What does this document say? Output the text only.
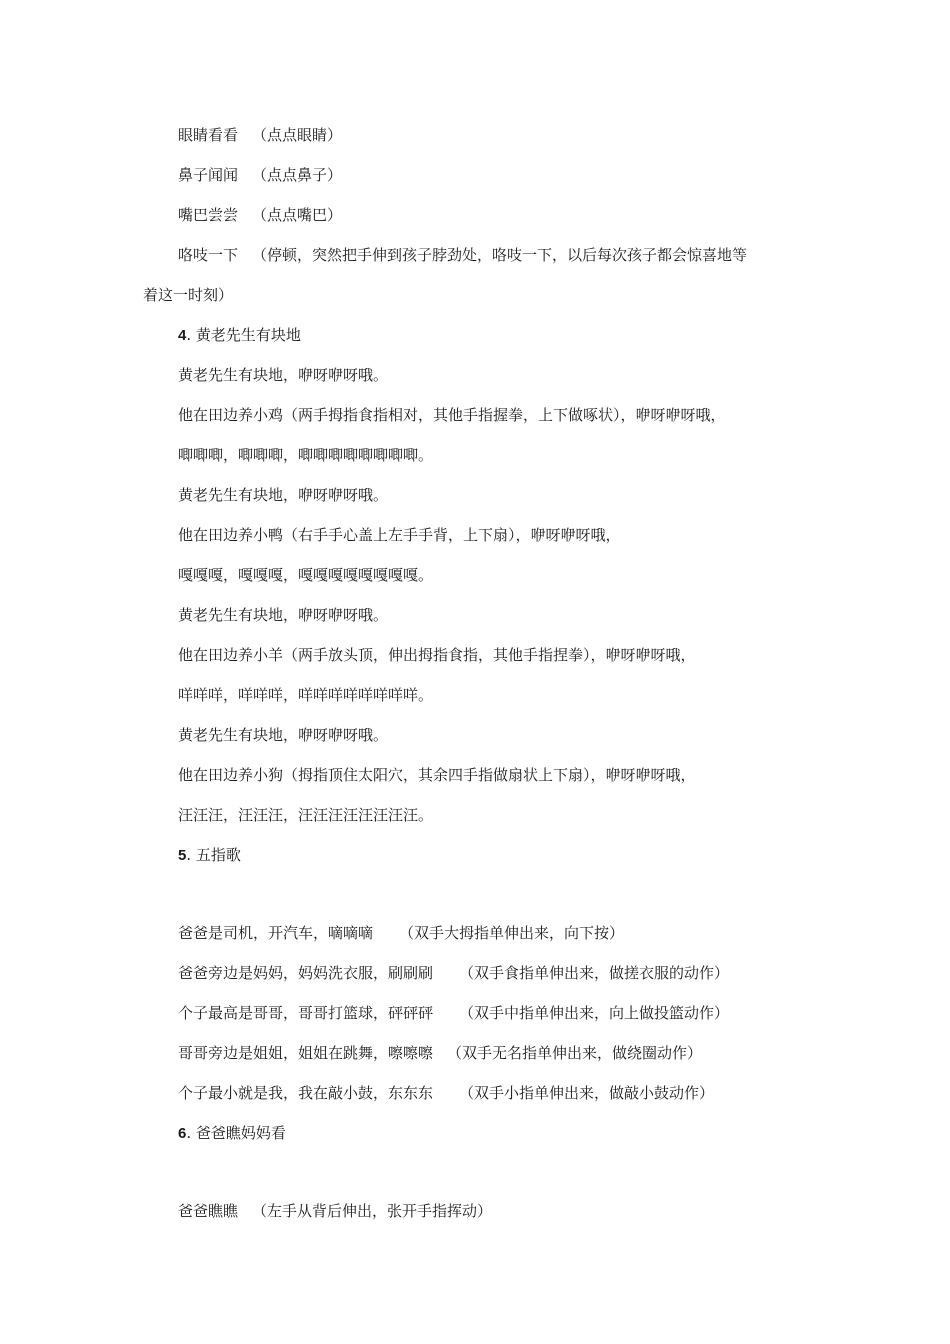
眼睛看看 （点点眼睛）
鼻子闻闻 （点点鼻子）
嘴巴尝尝 （点点嘴巴）
咯吱一下 （停顿，突然把手伸到孩子脖劲处，咯吱一下，以后每次孩子都会惊喜地等
着这一时刻）
4. 黄老先生有块地
黄老先生有块地，咿呀咿呀哦。
他在田边养小鸡（两手拇指食指相对，其他手指握拳，上下做啄状），咿呀咿呀哦，
唧唧唧，唧唧唧，唧唧唧唧唧唧唧唧。
黄老先生有块地，咿呀咿呀哦。
他在田边养小鸭（右手手心盖上左手手背，上下扇），咿呀咿呀哦，
嘎嘎嘎，嘎嘎嘎，嘎嘎嘎嘎嘎嘎嘎嘎。
黄老先生有块地，咿呀咿呀哦。
他在田边养小羊（两手放头顶，伸出拇指食指，其他手指捏拳），咿呀咿呀哦，
咩咩咩，咩咩咩，咩咩咩咩咩咩咩咩。
黄老先生有块地，咿呀咿呀哦。
他在田边养小狗（拇指顶住太阳穴，其余四手指做扇状上下扇），咿呀咿呀哦，
汪汪汪，汪汪汪，汪汪汪汪汪汪汪汪。
5. 五指歌
爸爸是司机，开汽车，嘀嘀嘀 （双手大拇指单伸出来，向下按）
爸爸旁边是妈妈，妈妈洗衣服，刷刷刷 （双手食指单伸出来，做搓衣服的动作）
个子最高是哥哥，哥哥打篮球，砰砰砰 （双手中指单伸出来，向上做投篮动作）
哥哥旁边是姐姐，姐姐在跳舞，嚓嚓嚓 （双手无名指单伸出来，做绕圈动作）
个子最小就是我，我在敲小鼓，东东东 （双手小指单伸出来，做敲小鼓动作）
6. 爸爸瞧妈妈看
爸爸瞧瞧 （左手从背后伸出，张开手指挥动）
